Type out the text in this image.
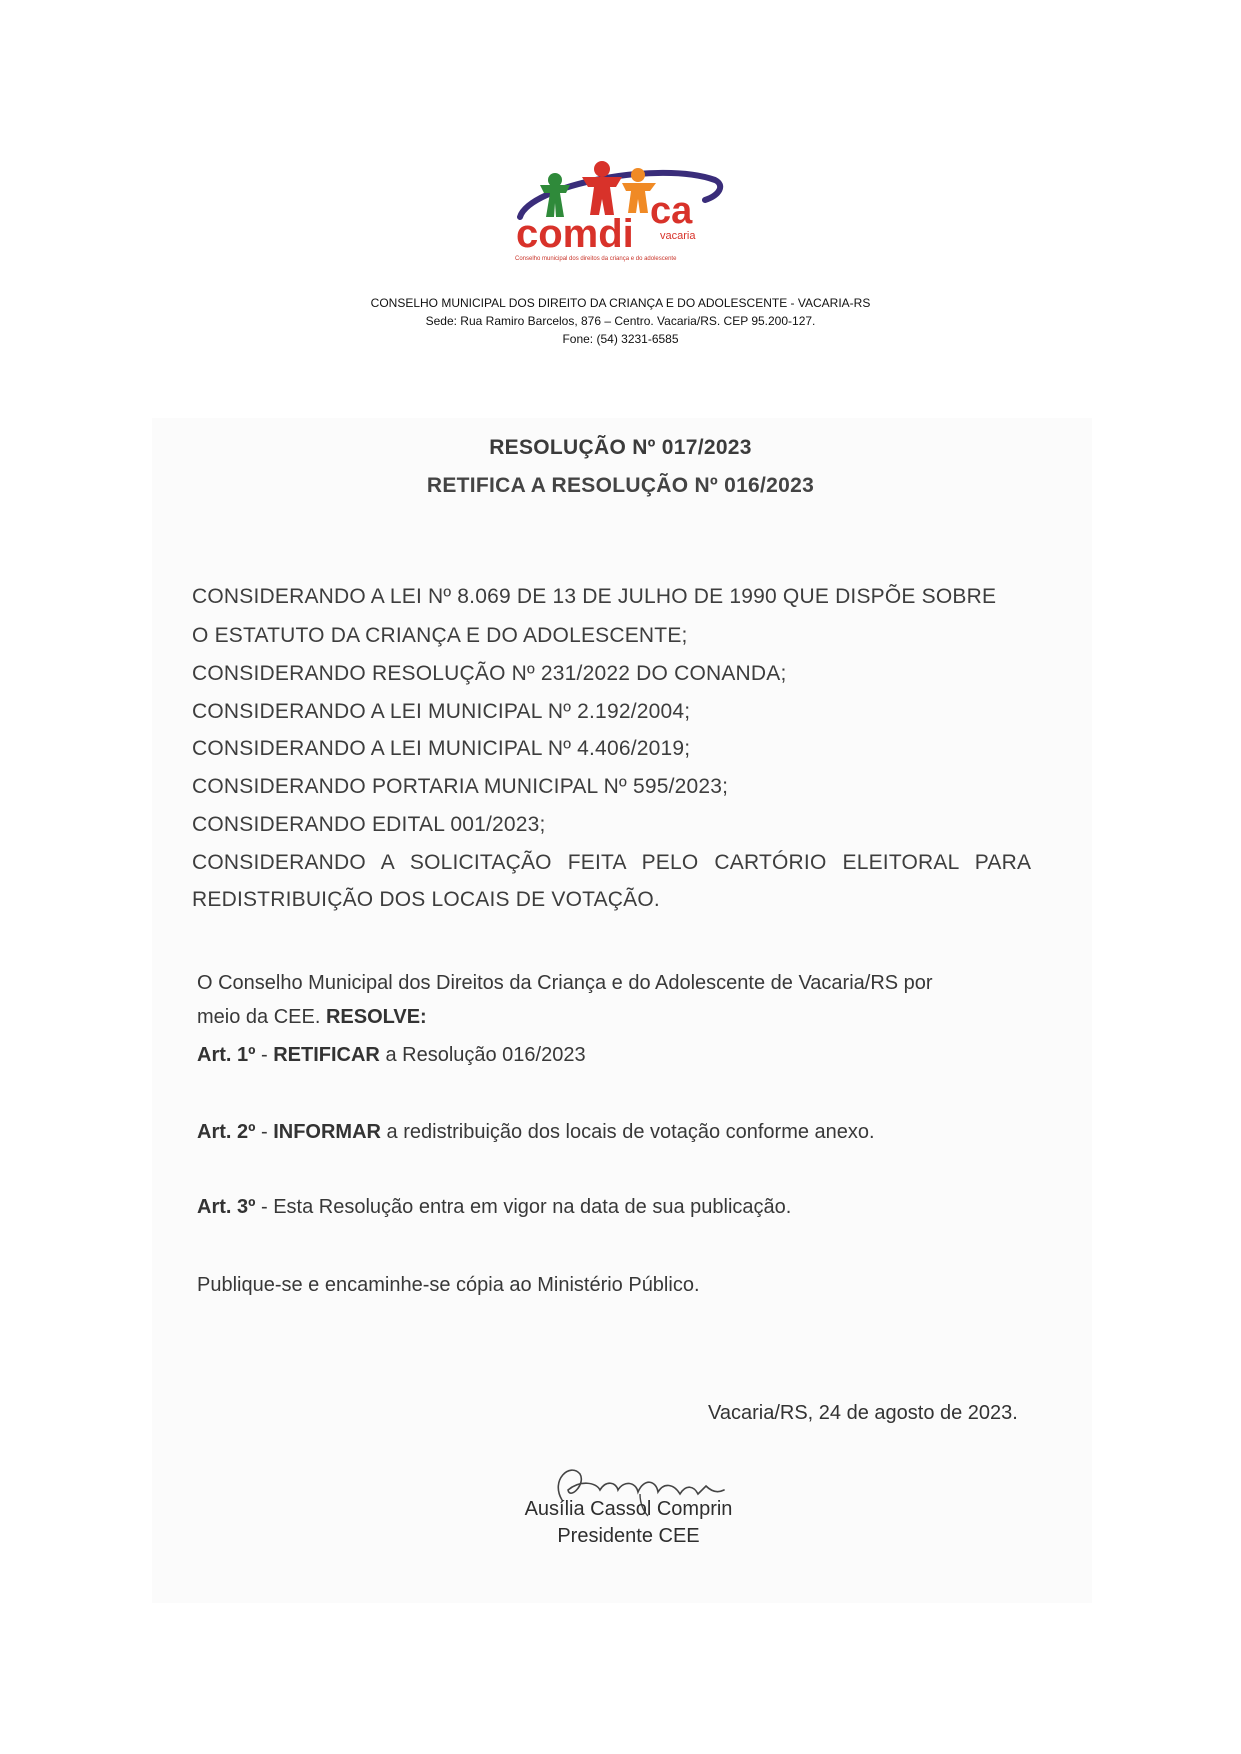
comdi
ca
vacaria
Conselho municipal dos direitos da criança e do adolescente
CONSELHO MUNICIPAL DOS DIREITO DA CRIANÇA E DO ADOLESCENTE - VACARIA-RS
Sede: Rua Ramiro Barcelos, 876 – Centro. Vacaria/RS. CEP 95.200-127.
Fone: (54) 3231-6585
RESOLUÇÃO Nº 017/2023
RETIFICA A RESOLUÇÃO Nº 016/2023
CONSIDERANDO A LEI Nº 8.069 DE 13 DE JULHO DE 1990 QUE DISPÕE SOBRE
O ESTATUTO DA CRIANÇA E DO ADOLESCENTE;
CONSIDERANDO RESOLUÇÃO Nº 231/2022 DO CONANDA;
CONSIDERANDO A LEI MUNICIPAL Nº 2.192/2004;
CONSIDERANDO A LEI MUNICIPAL Nº 4.406/2019;
CONSIDERANDO PORTARIA MUNICIPAL Nº 595/2023;
CONSIDERANDO EDITAL 001/2023;
CONSIDERANDO A SOLICITAÇÃO FEITA PELO CARTÓRIO ELEITORAL PARA
REDISTRIBUIÇÃO DOS LOCAIS DE VOTAÇÃO.
O Conselho Municipal dos Direitos da Criança e do Adolescente de Vacaria/RS por
meio da CEE. RESOLVE:
Art. 1º - RETIFICAR a Resolução 016/2023
Art. 2º - INFORMAR a redistribuição dos locais de votação conforme anexo.
Art. 3º - Esta Resolução entra em vigor na data de sua publicação.
Publique-se e encaminhe-se cópia ao Ministério Público.
Vacaria/RS, 24 de agosto de 2023.
Ausília Cassol Comprin
Presidente CEE
